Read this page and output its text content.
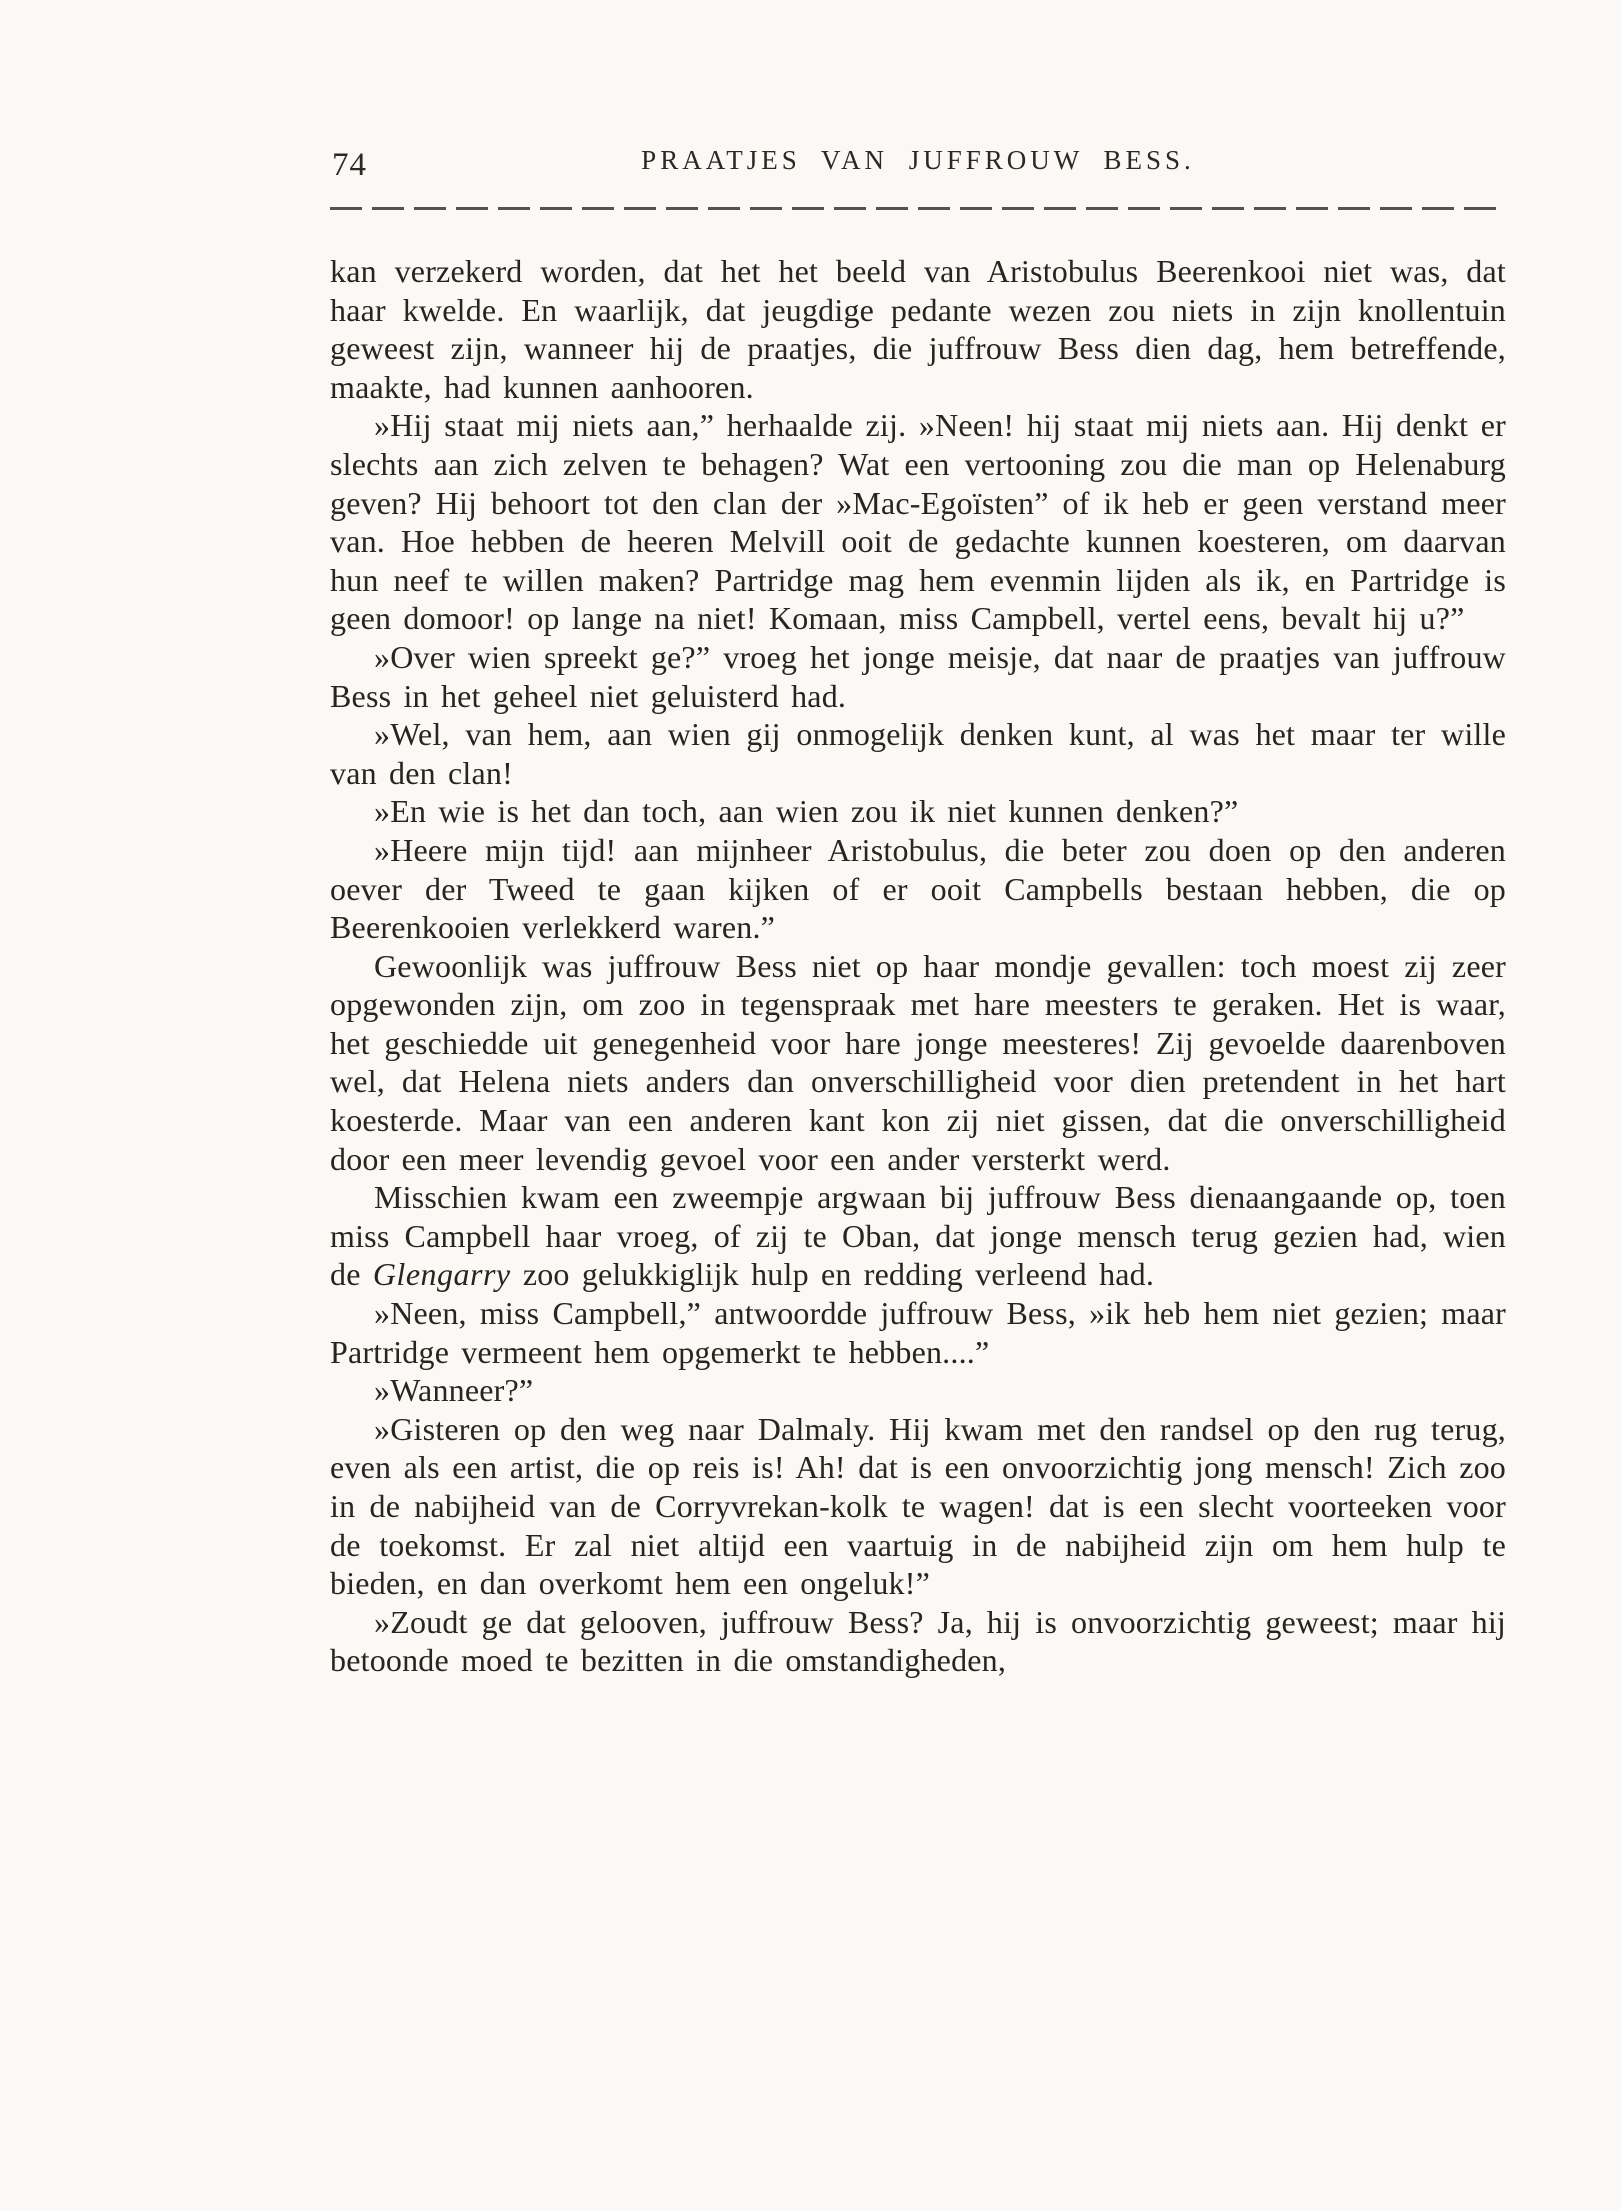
74	PRAATJES VAN JUFFROUW BESS.

kan verzekerd worden, dat het het beeld van Aristobulus Beerenkooi niet was, dat haar kwelde. En waarlijk, dat jeugdige pedante wezen zou niets in zijn knollentuin geweest zijn, wanneer hij de praatjes, die juffrouw Bess dien dag, hem betreffende, maakte, had kunnen aanhooren.

»Hij staat mij niets aan,” herhaalde zij. »Neen! hij staat mij niets aan. Hij denkt er slechts aan zich zelven te behagen? Wat een vertooning zou die man op Helenaburg geven? Hij behoort tot den clan der »Mac-Egoïsten” of ik heb er geen verstand meer van. Hoe hebben de heeren Melvill ooit de gedachte kunnen koesteren, om daarvan hun neef te willen maken? Partridge mag hem evenmin lijden als ik, en Partridge is geen domoor! op lange na niet! Komaan, miss Campbell, vertel eens, bevalt hij u?”

»Over wien spreekt ge?” vroeg het jonge meisje, dat naar de praatjes van juffrouw Bess in het geheel niet geluisterd had.

»Wel, van hem, aan wien gij onmogelijk denken kunt, al was het maar ter wille van den clan!

»En wie is het dan toch, aan wien zou ik niet kunnen denken?”

»Heere mijn tijd! aan mijnheer Aristobulus, die beter zou doen op den anderen oever der Tweed te gaan kijken of er ooit Campbells bestaan hebben, die op Beerenkooien verlekkerd waren.”

Gewoonlijk was juffrouw Bess niet op haar mondje gevallen: toch moest zij zeer opgewonden zijn, om zoo in tegenspraak met hare meesters te geraken. Het is waar, het geschiedde uit genegenheid voor hare jonge meesteres! Zij gevoelde daarenboven wel, dat Helena niets anders dan onverschilligheid voor dien pretendent in het hart koesterde. Maar van een anderen kant kon zij niet gissen, dat die onverschilligheid door een meer levendig gevoel voor een ander versterkt werd.

Misschien kwam een zweempje argwaan bij juffrouw Bess dienaangaande op, toen miss Campbell haar vroeg, of zij te Oban, dat jonge mensch terug gezien had, wien de Glengarry zoo gelukkiglijk hulp en redding verleend had.

»Neen, miss Campbell,” antwoordde juffrouw Bess, »ik heb hem niet gezien; maar Partridge vermeent hem opgemerkt te hebben....”

»Wanneer?”

»Gisteren op den weg naar Dalmaly. Hij kwam met den randsel op den rug terug, even als een artist, die op reis is! Ah! dat is een onvoorzichtig jong mensch! Zich zoo in de nabijheid van de Corryvrekan-kolk te wagen! dat is een slecht voorteeken voor de toekomst. Er zal niet altijd een vaartuig in de nabijheid zijn om hem hulp te bieden, en dan overkomt hem een ongeluk!”

»Zoudt ge dat gelooven, juffrouw Bess? Ja, hij is onvoorzichtig geweest; maar hij betoonde moed te bezitten in die omstandigheden,
